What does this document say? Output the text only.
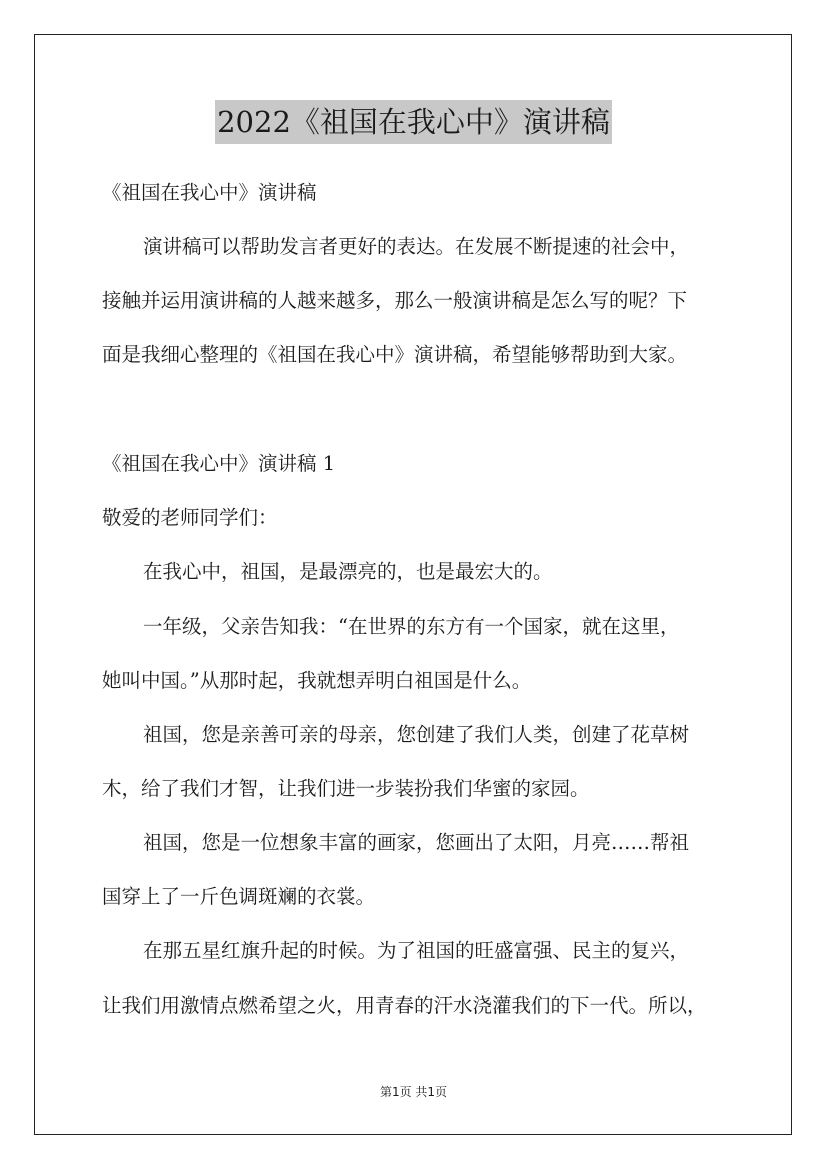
2022《祖国在我心中》演讲稿
《祖国在我心中》演讲稿
演讲稿可以帮助发言者更好的表达。在发展不断提速的社会中，
接触并运用演讲稿的人越来越多，那么一般演讲稿是怎么写的呢？下
面是我细心整理的《祖国在我心中》演讲稿，希望能够帮助到大家。
《祖国在我心中》演讲稿 1
敬爱的老师同学们：
在我心中，祖国，是最漂亮的，也是最宏大的。
一年级，父亲告知我：“在世界的东方有一个国家，就在这里，
她叫中国。”从那时起，我就想弄明白祖国是什么。
祖国，您是亲善可亲的母亲，您创建了我们人类，创建了花草树
木，给了我们才智，让我们进一步装扮我们华蜜的家园。
祖国，您是一位想象丰富的画家，您画出了太阳，月亮……帮祖
国穿上了一斤色调斑斓的衣裳。
在那五星红旗升起的时候。为了祖国的旺盛富强、民主的复兴，
让我们用激情点燃希望之火，用青春的汗水浇灌我们的下一代。所以，
第1页 共1页
